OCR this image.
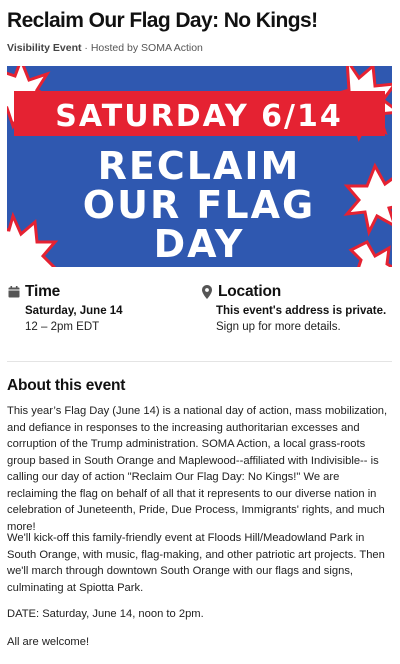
Reclaim Our Flag Day: No Kings!
Visibility Event · Hosted by SOMA Action
SATURDAY 6/14
RECLAIM
OUR FLAG
DAY
Time
Saturday, June 14
12 – 2pm EDT
Location
This event's address is private.
Sign up for more details.
About this event

This year’s Flag Day (June 14) is a national day of action, mass mobilization, and defiance in responses to the increasing authoritarian excesses and corruption of the Trump administration. SOMA Action, a local grass-roots group based in South Orange and Maplewood--affiliated with Indivisible-- is calling our day of action "Reclaim Our Flag Day: No Kings!" We are reclaiming the flag on behalf of all that it represents to our diverse nation in celebration of Juneteenth, Pride, Due Process, Immigrants' rights, and much more!

We'll kick-off this family-friendly event at Floods Hill/Meadowland Park in South Orange, with music, flag-making, and other patriotic art projects. Then we'll march through downtown South Orange with our flags and signs, culminating at Spiotta Park.

DATE: Saturday, June 14, noon to 2pm.

All are welcome!
